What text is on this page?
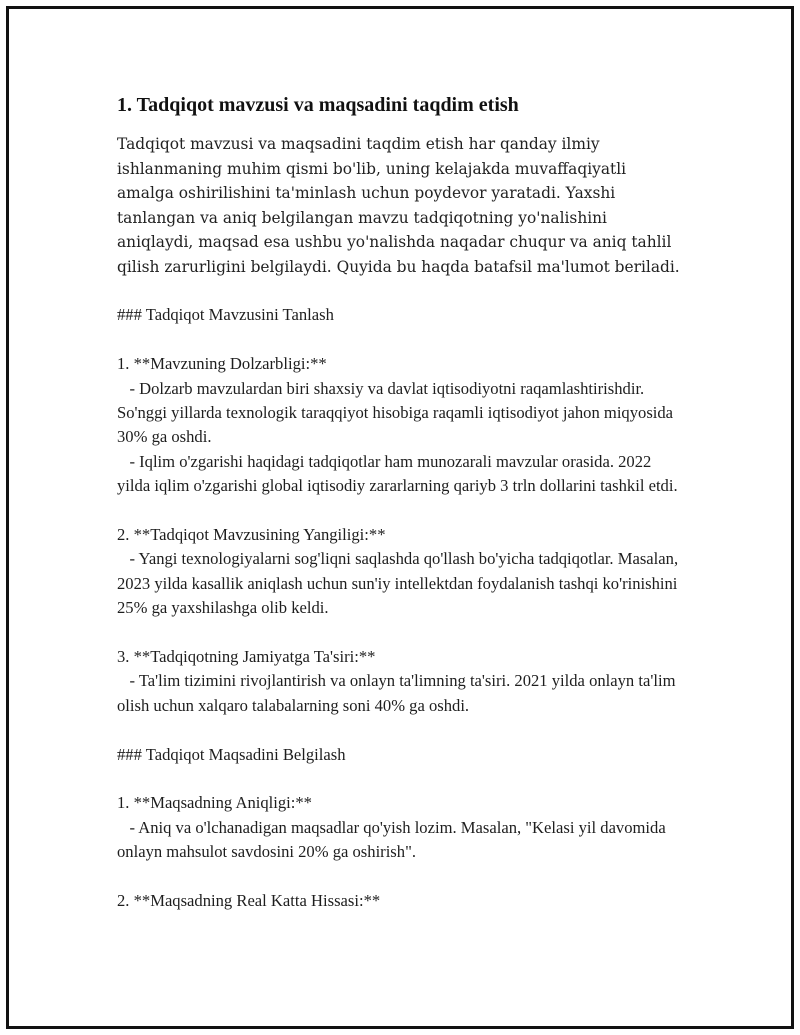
1. Tadqiqot mavzusi va maqsadini taqdim etish

Tadqiqot mavzusi va maqsadini taqdim etish har qanday ilmiy ishlanmaning muhim qismi bo'lib, uning kelajakda muvaffaqiyatli amalga oshirilishini ta'minlash uchun poydevor yaratadi. Yaxshi tanlangan va aniq belgilangan mavzu tadqiqotning yo'nalishini aniqlaydi, maqsad esa ushbu yo'nalishda naqadar chuqur va aniq tahlil qilish zarurligini belgilaydi. Quyida bu haqda batafsil ma'lumot beriladi.

### Tadqiqot Mavzusini Tanlash

1. **Mavzuning Dolzarbligi:**

- Dolzarb mavzulardan biri shaxsiy va davlat iqtisodiyotni raqamlashtirishdir. So'nggi yillarda texnologik taraqqiyot hisobiga raqamli iqtisodiyot jahon miqyosida 30% ga oshdi.

- Iqlim o'zgarishi haqidagi tadqiqotlar ham munozarali mavzular orasida. 2022 yilda iqlim o'zgarishi global iqtisodiy zararlarning qariyb 3 trln dollarini tashkil etdi.

2. **Tadqiqot Mavzusining Yangiligi:**

- Yangi texnologiyalarni sog'liqni saqlashda qo'llash bo'yicha tadqiqotlar. Masalan, 2023 yilda kasallik aniqlash uchun sun'iy intellektdan foydalanish tashqi ko'rinishini 25% ga yaxshilashga olib keldi.

3. **Tadqiqotning Jamiyatga Ta'siri:**

- Ta'lim tizimini rivojlantirish va onlayn ta'limning ta'siri. 2021 yilda onlayn ta'lim olish uchun xalqaro talabalarning soni 40% ga oshdi.

### Tadqiqot Maqsadini Belgilash

1. **Maqsadning Aniqligi:**

- Aniq va o'lchanadigan maqsadlar qo'yish lozim. Masalan, "Kelasi yil davomida onlayn mahsulot savdosini 20% ga oshirish".

2. **Maqsadning Real Katta Hissasi:**
